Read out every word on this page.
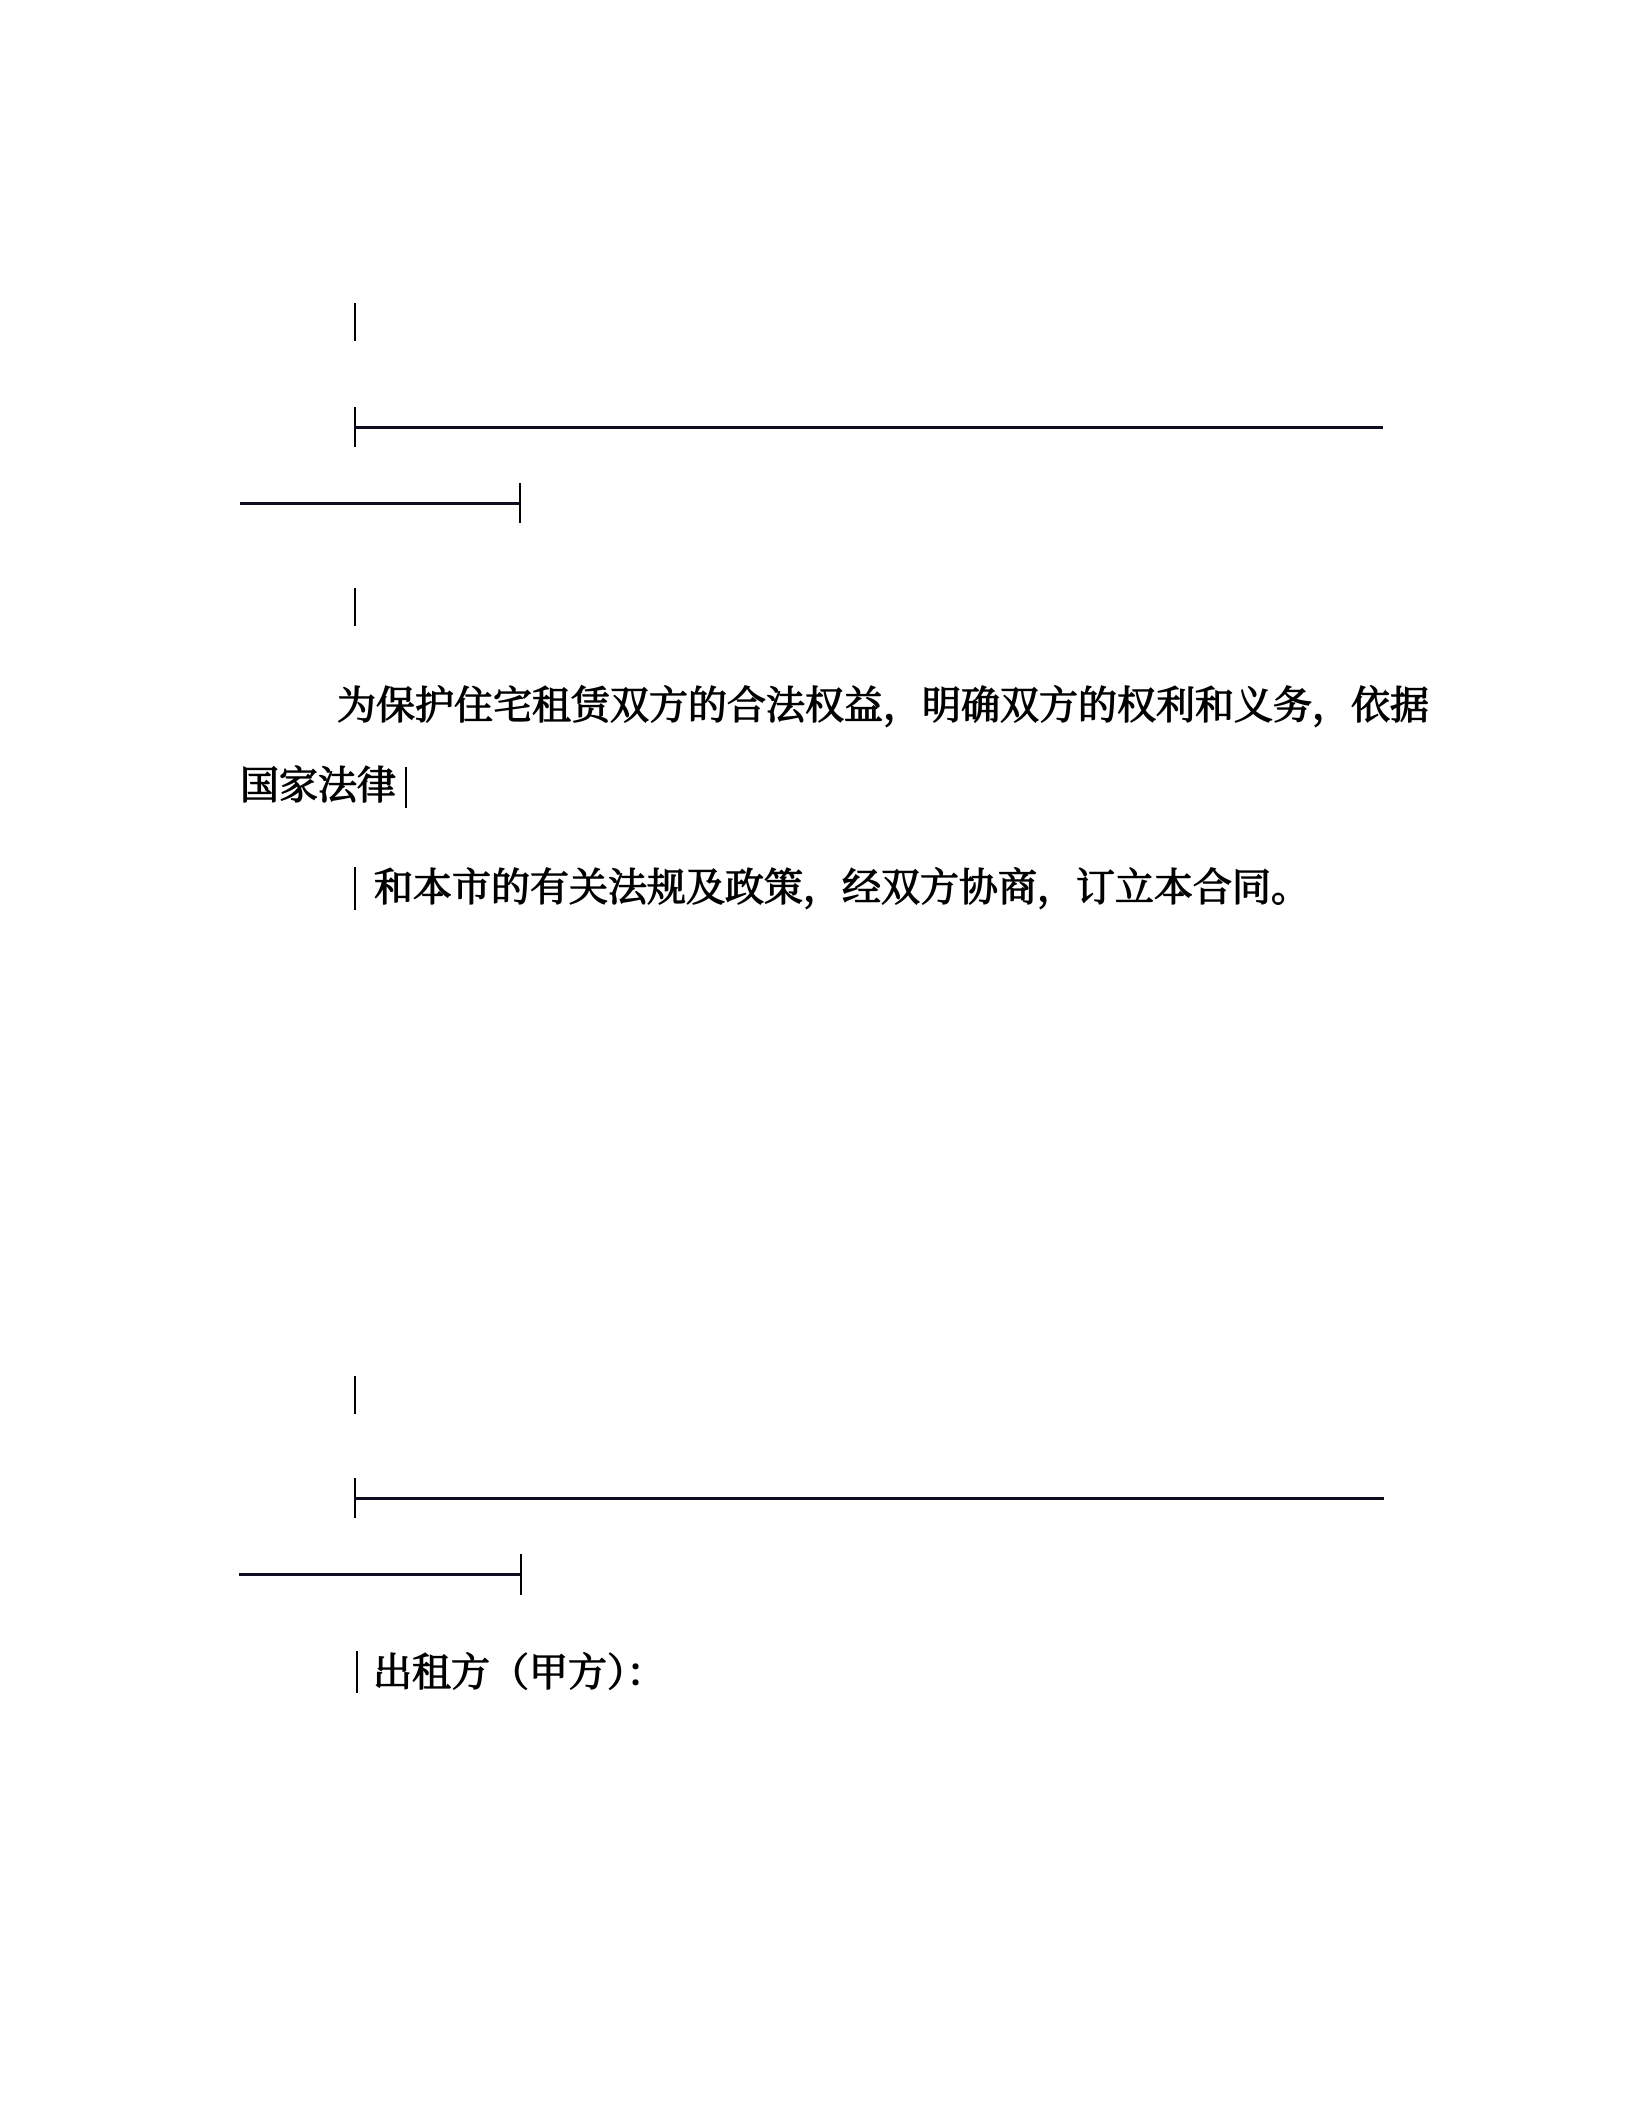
为保护住宅租赁双方的合法权益，明确双方的权利和义务，依据
国家法律
和本市的有关法规及政策，经双方协商，订立本合同。
出租方（甲方）：
